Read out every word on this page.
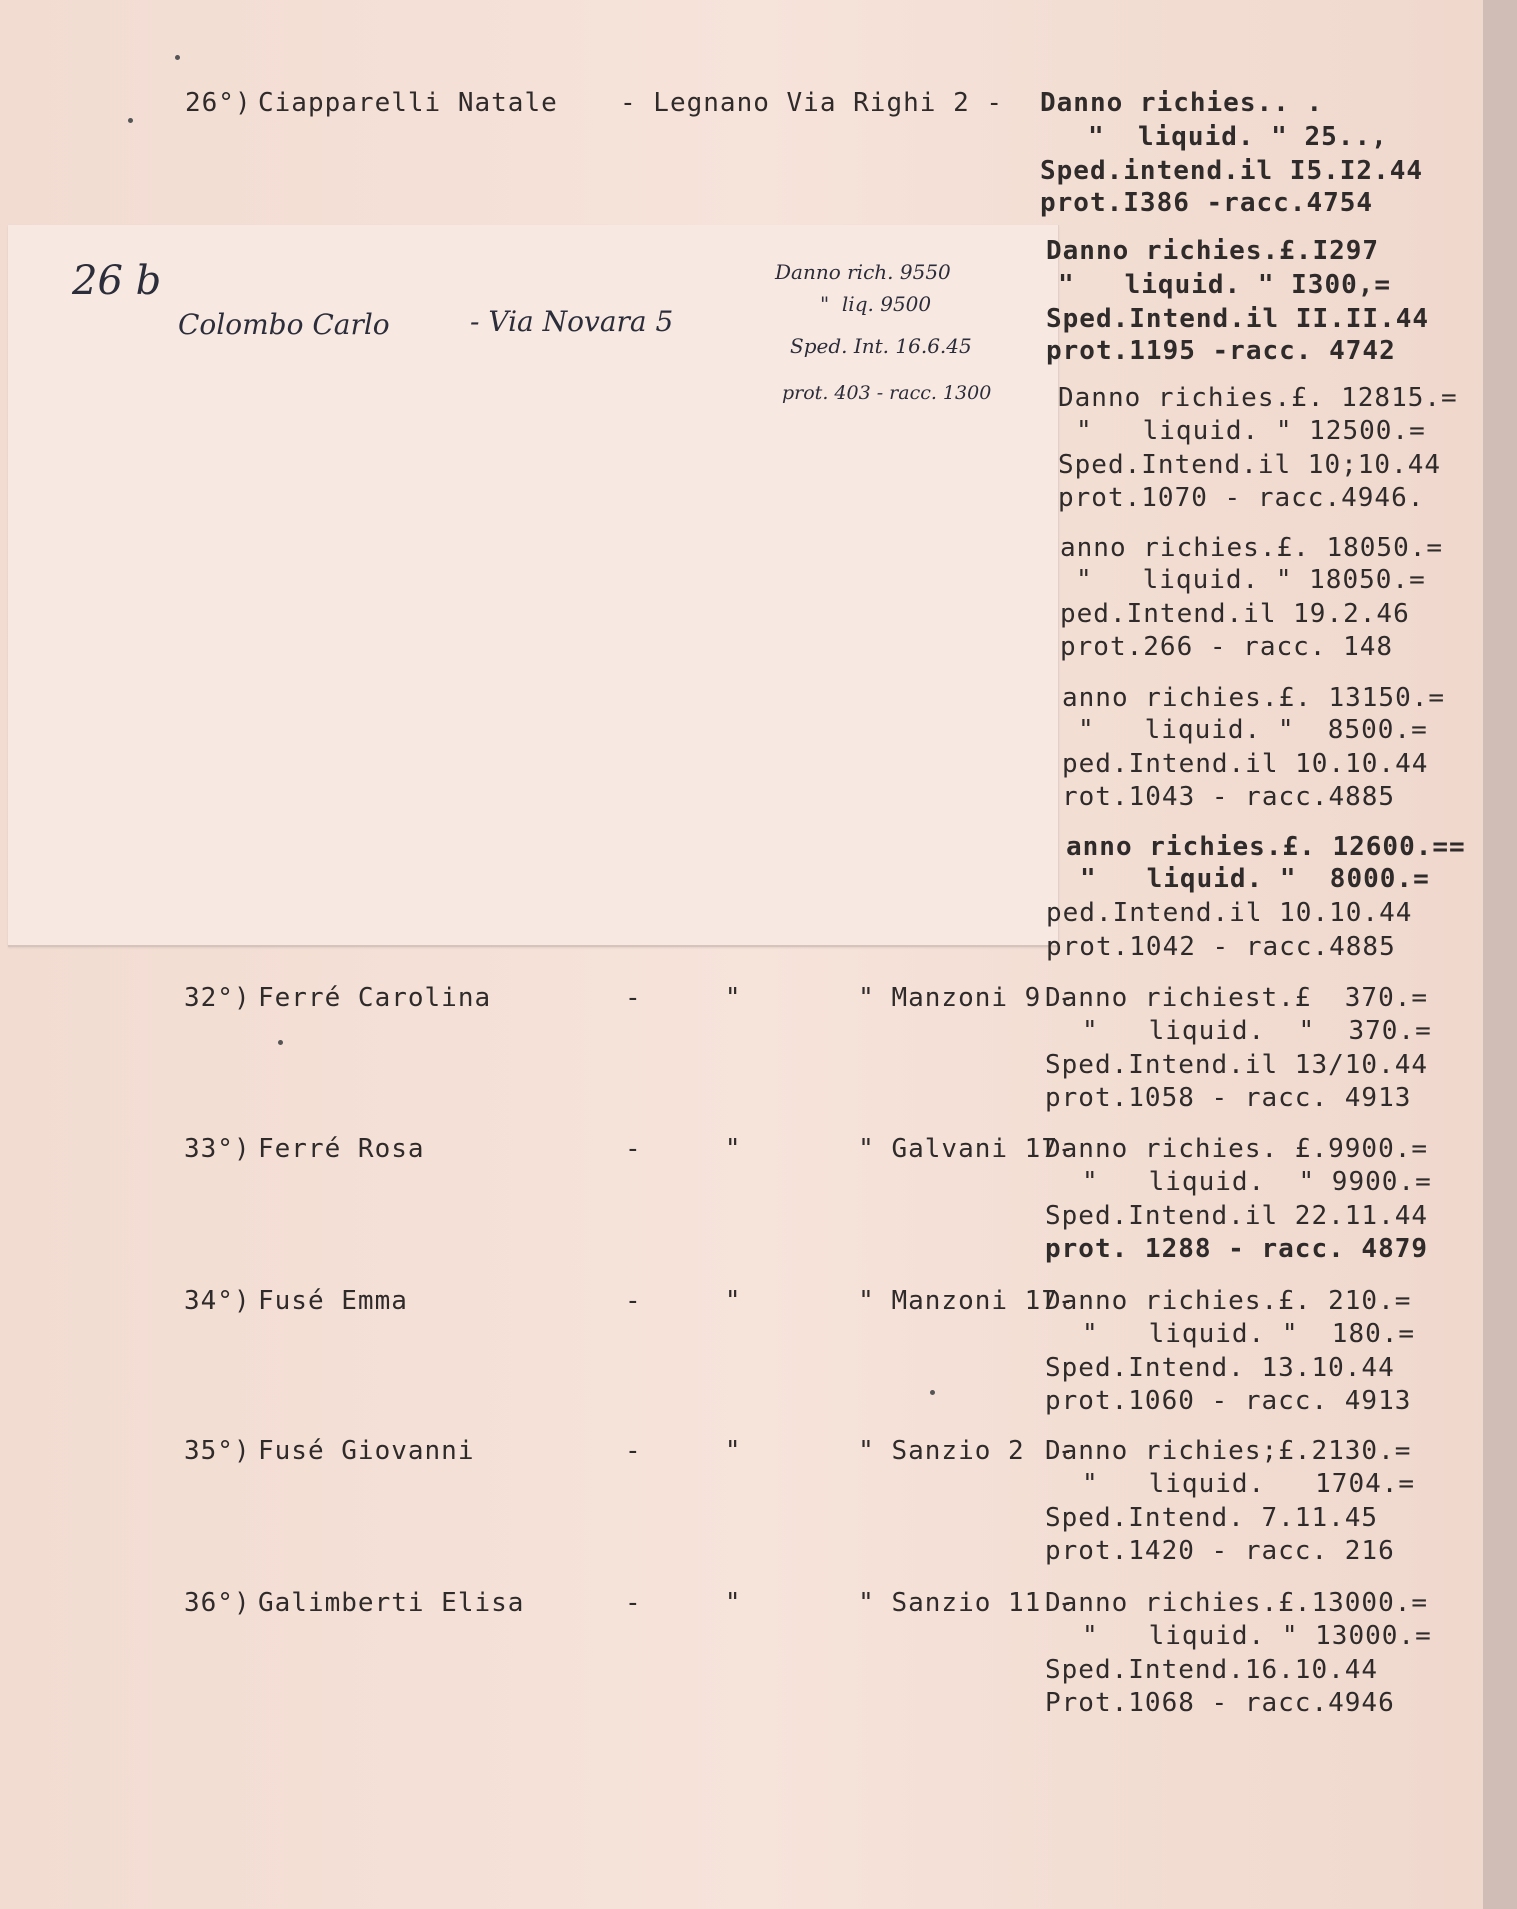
26°) Ciapparelli Natale - Legnano Via Righi 2 - Danno richies.. .
"  liquid. " 25..,
Sped.intend.il I5.I2.44
prot.I386 -racc.4754
26 b
Colombo Carlo	- Via Novara 5
Danno rich. 9550
"  liq. 9500
Sped. Int. 16.6.45
prot. 403 - racc. 1300
Danno richies.£.I297
"   liquid. " I300,=
Sped.Intend.il II.II.44
prot.1195 -racc. 4742
Danno richies.£. 12815.=
"   liquid. " 12500.=
Sped.Intend.il 10;10.44
prot.1070 - racc.4946.
anno richies.£. 18050.=
"   liquid. " 18050.=
ped.Intend.il 19.2.46
prot.266 - racc. 148
anno richies.£. 13150.=
"   liquid. "  8500.=
ped.Intend.il 10.10.44
rot.1043 - racc.4885
anno richies.£. 12600.==
"   liquid. "  8000.=
ped.Intend.il 10.10.44
prot.1042 - racc.4885
32°) Ferré Carolina	-     "       " Manzoni 9 -
Danno richiest.£  370.=
"   liquid.  "  370.=
Sped.Intend.il 13/10.44
prot.1058 - racc. 4913
33°) Ferré Rosa	-     "       " Galvani 17-
Danno richies. £.9900.=
"   liquid.  " 9900.=
Sped.Intend.il 22.11.44
prot. 1288 - racc. 4879
34°) Fusé Emma	-     "       " Manzoni 17-
Danno richies.£. 210.=
"   liquid. "  180.=
Sped.Intend. 13.10.44
prot.1060 - racc. 4913
35°) Fusé Giovanni	-     "       " Sanzio 2  -
Danno richies;£.2130.=
"   liquid.   1704.=
Sped.Intend. 7.11.45
prot.1420 - racc. 216
36°) Galimberti Elisa	-     "       " Sanzio 11 -
Danno richies.£.13000.=
"   liquid. " 13000.=
Sped.Intend.16.10.44
Prot.1068 - racc.4946
